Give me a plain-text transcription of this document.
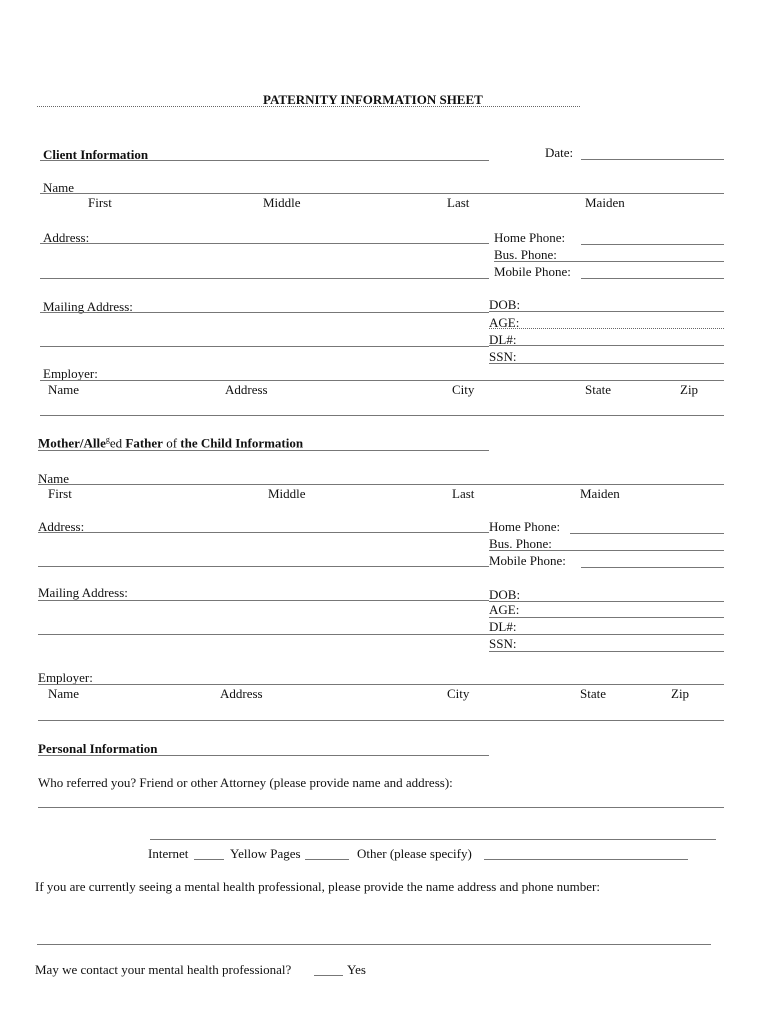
PATERNITY INFORMATION SHEET
Client Information	Date:
Name
First	Middle	Last	Maiden
Address:	Home Phone:
Bus. Phone:
Mobile Phone:
Mailing Address:	DOB:
AGE:
DL#:
SSN:
Employer:
Name	Address	City	State	Zip
Mother/Alle$^g$ed Father of the Child Information
Name
First	Middle	Last	Maiden
Address:	Home Phone:
Bus. Phone:
Mobile Phone:
Mailing Address:	DOB:
AGE:
DL#:
SSN:
Employer:
Name	Address	City	State	Zip
Personal Information
Who referred you? Friend or other Attorney (please provide name and address):
Internet	Yellow Pages	Other (please specify)
If you are currently seeing a mental health professional, please provide the name address and phone number:
May we contact your mental health professional?	Yes
